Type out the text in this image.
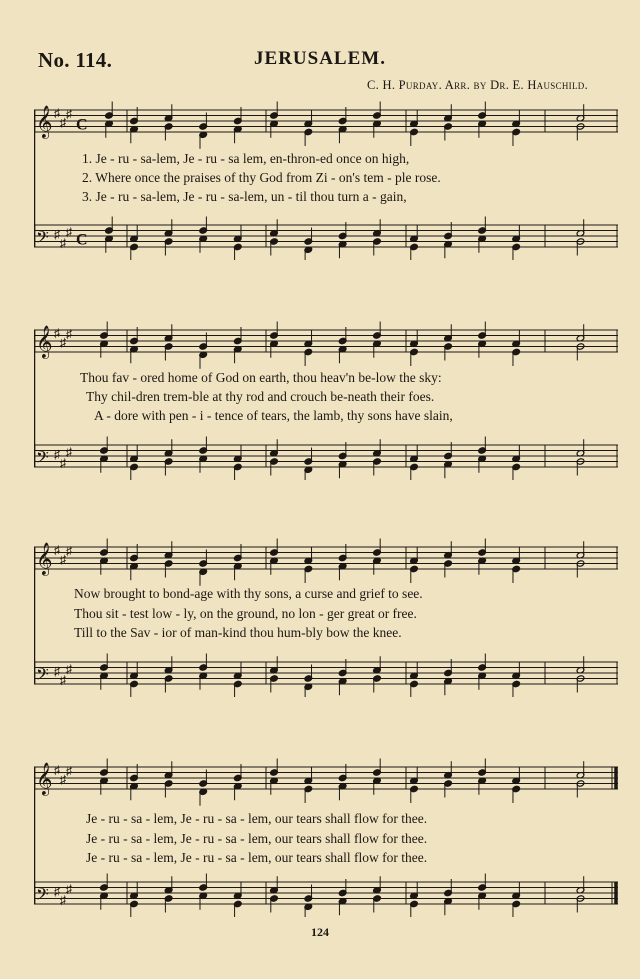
No. 114.	JERUSALEM.
C. H. Purday. Arr. by Dr. E. Hauschild.
𝄞 ♯
♯
♯
C
𝄢 ♯
♯
♯ C
1. Je - ru - sa-lem, Je - ru - sa lem, en-thron-ed once on high,
2. Where once the praises of thy God from Zi - on's tem - ple rose.
3. Je - ru - sa-lem, Je - ru - sa-lem, un - til thou turn a - gain,
𝄞 ♯
♯
♯
𝄢 ♯
♯
♯
Thou fav - ored home of God on earth, thou heav'n be-low the sky:
Thy chil-dren trem-ble at thy rod and crouch be-neath their foes.
A - dore with pen - i - tence of tears, the lamb, thy sons have slain,
𝄞 ♯
♯
♯
𝄢 ♯
♯
♯
Now brought to bond-age with thy sons, a curse and grief to see.
Thou sit - test low - ly, on the ground, no lon - ger great or free.
Till to the Sav - ior of man-kind thou hum-bly bow the knee.
𝄞 ♯
♯
♯
𝄢 ♯
♯
♯
Je - ru - sa - lem, Je - ru - sa - lem, our tears shall flow for thee.
Je - ru - sa - lem, Je - ru - sa - lem, our tears shall flow for thee.
Je - ru - sa - lem, Je - ru - sa - lem, our tears shall flow for thee.
124
